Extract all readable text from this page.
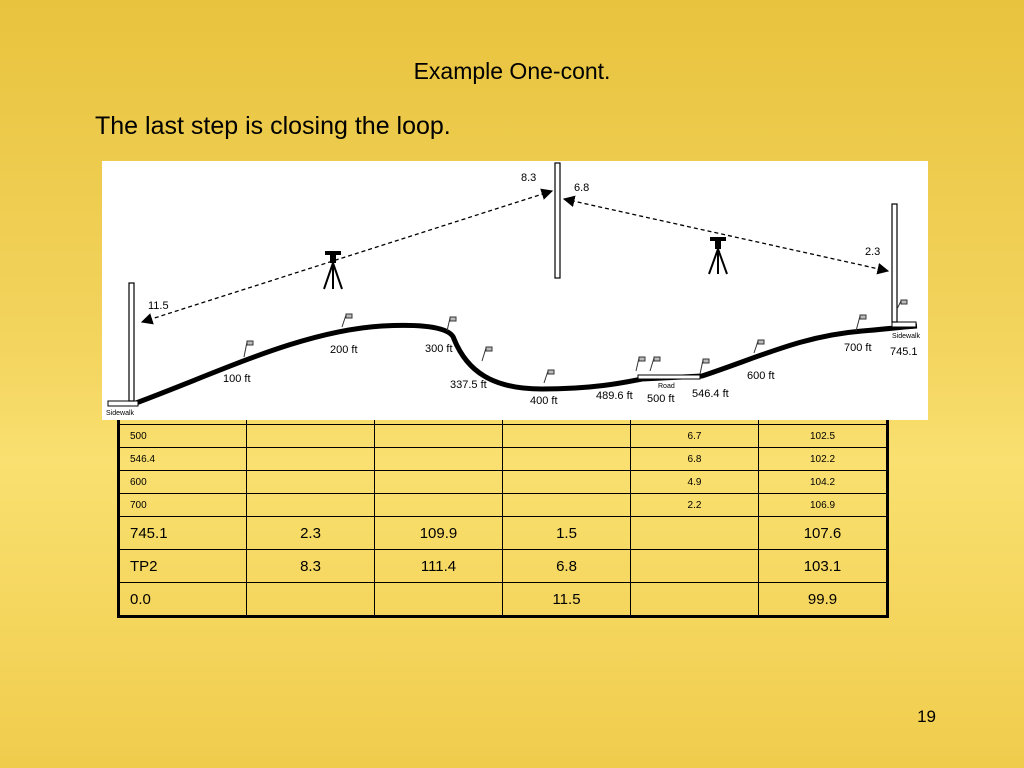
Example One-cont.
The last step is closing the loop.

500				6.7	102.5
546.4				6.8	102.2
600				4.9	104.2
700				2.2	106.9
745.1	2.3	109.9	1.5		107.6
TP2	8.3	111.4	6.8		103.1
0.0			11.5		99.9
11.5
8.3
6.8
2.3
100 ft
200 ft	300 ft
337.5 ft
400 ft	489.6 ft 500 ft 546.4 ft
600 ft
700 ft 745.1
Sidewalk
Sidewalk
Road
19
